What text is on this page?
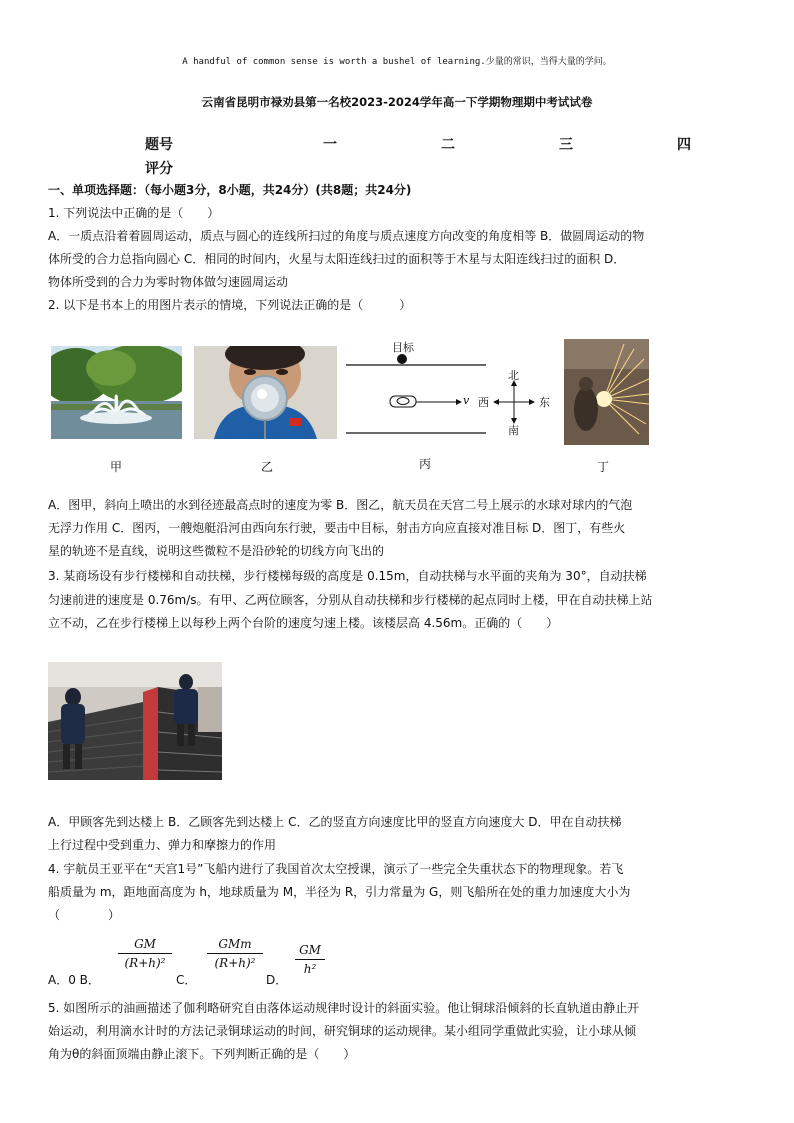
A handful of common sense is worth a bushel of learning.少量的常识，当得大量的学问。
云南省昆明市禄劝县第一名校2023-2024学年高一下学期物理期中考试试卷
题号	一	二	三	四
评分
一、单项选择题：（每小题3分，8小题，共24分）(共8题；共24分)
1. 下列说法中正确的是（　　）
A．一质点沿着着圆周运动，质点与圆心的连线所扫过的角度与质点速度方向改变的角度相等 B．做圆周运动的物
体所受的合力总指向圆心 C．相同的时间内，火星与太阳连线扫过的面积等于木星与太阳连线扫过的面积 D．
物体所受到的合力为零时物体做匀速圆周运动
2. 以下是书本上的用图片表示的情境，下列说法正确的是（　　　）
甲	乙
目标
v 西	东
北
南
丙	丁
A．图甲，斜向上喷出的水到径迹最高点时的速度为零 B．图乙，航天员在天宫二号上展示的水球对球内的气泡
无浮力作用 C．图丙，一艘炮艇沿河由西向东行驶，要击中目标，射击方向应直接对准目标 D．图丁，有些火
星的轨迹不是直线，说明这些微粒不是沿砂轮的切线方向飞出的
3. 某商场设有步行楼梯和自动扶梯，步行楼梯每级的高度是 0.15m，自动扶梯与水平面的夹角为 30°，自动扶梯
匀速前进的速度是 0.76m/s。有甲、乙两位顾客，分别从自动扶梯和步行楼梯的起点同时上楼，甲在自动扶梯上站
立不动，乙在步行楼梯上以每秒上两个台阶的速度匀速上楼。该楼层高 4.56m。正确的（　　）
A．甲顾客先到达楼上 B．乙顾客先到达楼上 C．乙的竖直方向速度比甲的竖直方向速度大 D．甲在自动扶梯
上行过程中受到重力、弹力和摩擦力的作用
4. 宇航员王亚平在“天宫1号”飞船内进行了我国首次太空授课，演示了一些完全失重状态下的物理现象。若飞
船质量为 m，距地面高度为 h，地球质量为 M，半径为 R，引力常量为 G，则飞船所在处的重力加速度大小为
（　　　　）
A．0 B．
GM
(R+h)²
C．
GMm
(R+h)²
D．
GM
h²
5. 如图所示的油画描述了伽利略研究自由落体运动规律时设计的斜面实验。他让铜球沿倾斜的长直轨道由静止开
始运动，利用滴水计时的方法记录铜球运动的时间，研究铜球的运动规律。某小组同学重做此实验，让小球从倾
角为θ的斜面顶端由静止滚下。下列判断正确的是（　　）
